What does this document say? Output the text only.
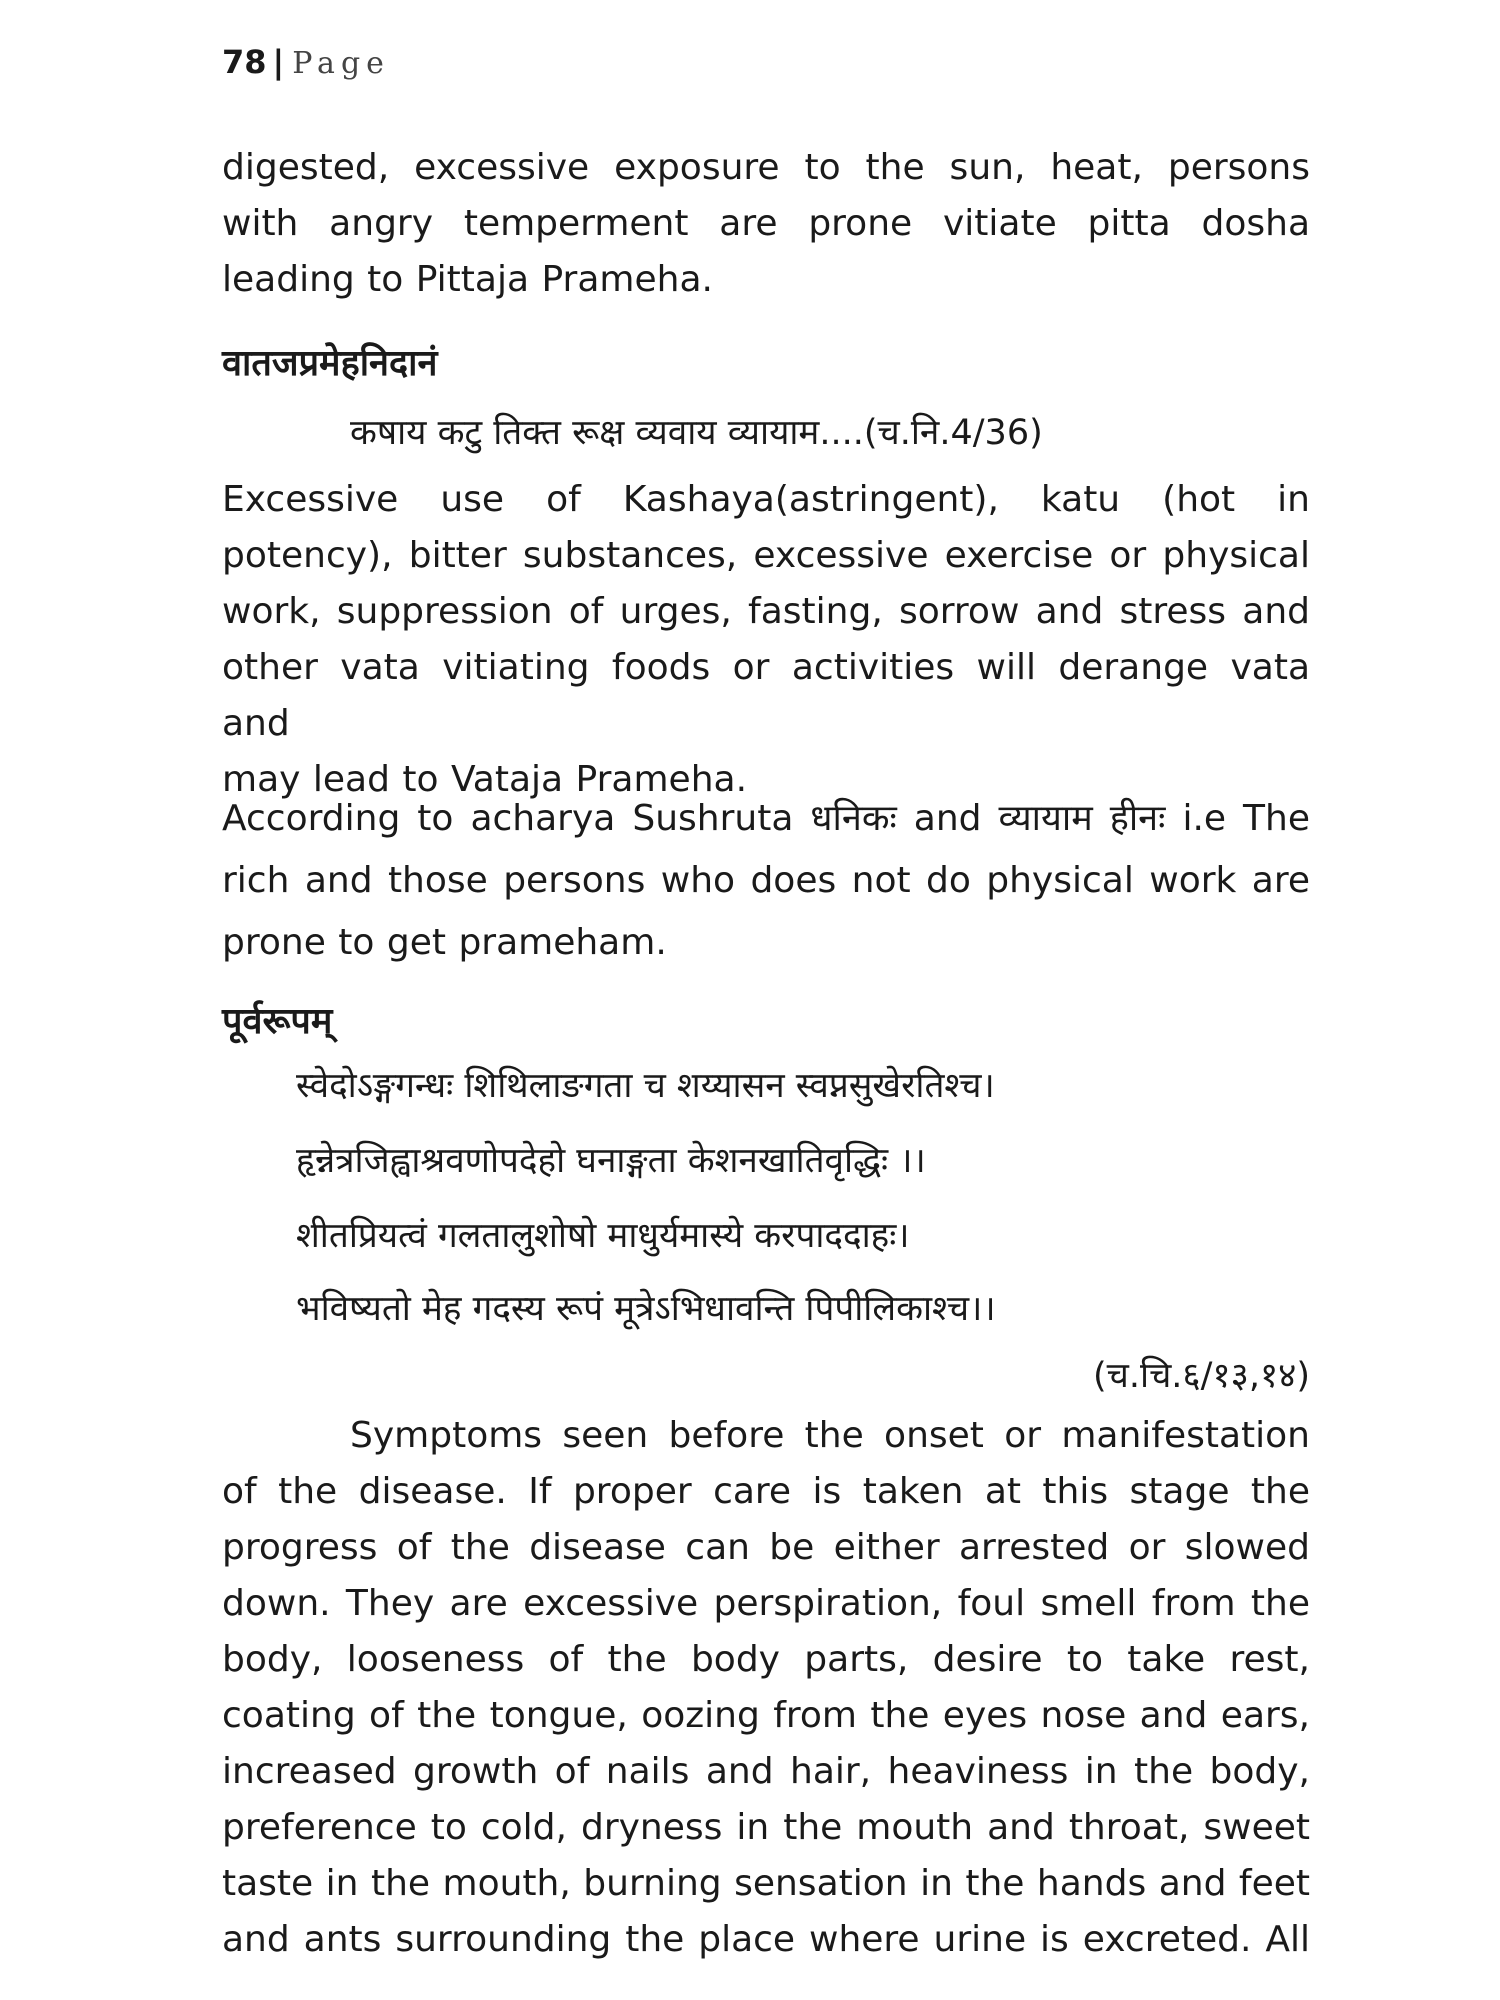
78 | Page
digested, excessive exposure to the sun, heat, persons
with angry temperment are prone vitiate pitta dosha
leading to Pittaja Prameha.
वातजप्रमेहनिदानं
कषाय कटु तिक्त रूक्ष व्यवाय व्यायाम....(च.नि.4/36)
Excessive use of Kashaya(astringent), katu (hot in
potency), bitter substances, excessive exercise or physical
work, suppression of urges, fasting, sorrow and stress and
other vata vitiating foods or activities will derange vata and
may lead to Vataja Prameha.
According to acharya Sushruta धनिकः and व्यायाम हीनः i.e The
rich and those persons who does not do physical work are
prone to get prameham.
पूर्वरूपम्
स्वेदोऽङ्गगन्धः शिथिलाङगता च शय्यासन स्वप्नसुखेरतिश्च।
हृन्नेत्रजिह्वाश्रवणोपदेहो घनाङ्गता केशनखातिवृद्धिः ।।
शीतप्रियत्वं गलतालुशोषो माधुर्यमास्ये करपाददाहः।
भविष्यतो मेह गदस्य रूपं मूत्रेऽभिधावन्ति पिपीलिकाश्च।।
(च.चि.६/१३,१४)
Symptoms seen before the onset or manifestation
of the disease. If proper care is taken at this stage the
progress of the disease can be either arrested or slowed
down. They are excessive perspiration, foul smell from the
body, looseness of the body parts, desire to take rest,
coating of the tongue, oozing from the eyes nose and ears,
increased growth of nails and hair, heaviness in the body,
preference to cold, dryness in the mouth and throat, sweet
taste in the mouth, burning sensation in the hands and feet
and ants surrounding the place where urine is excreted. All
